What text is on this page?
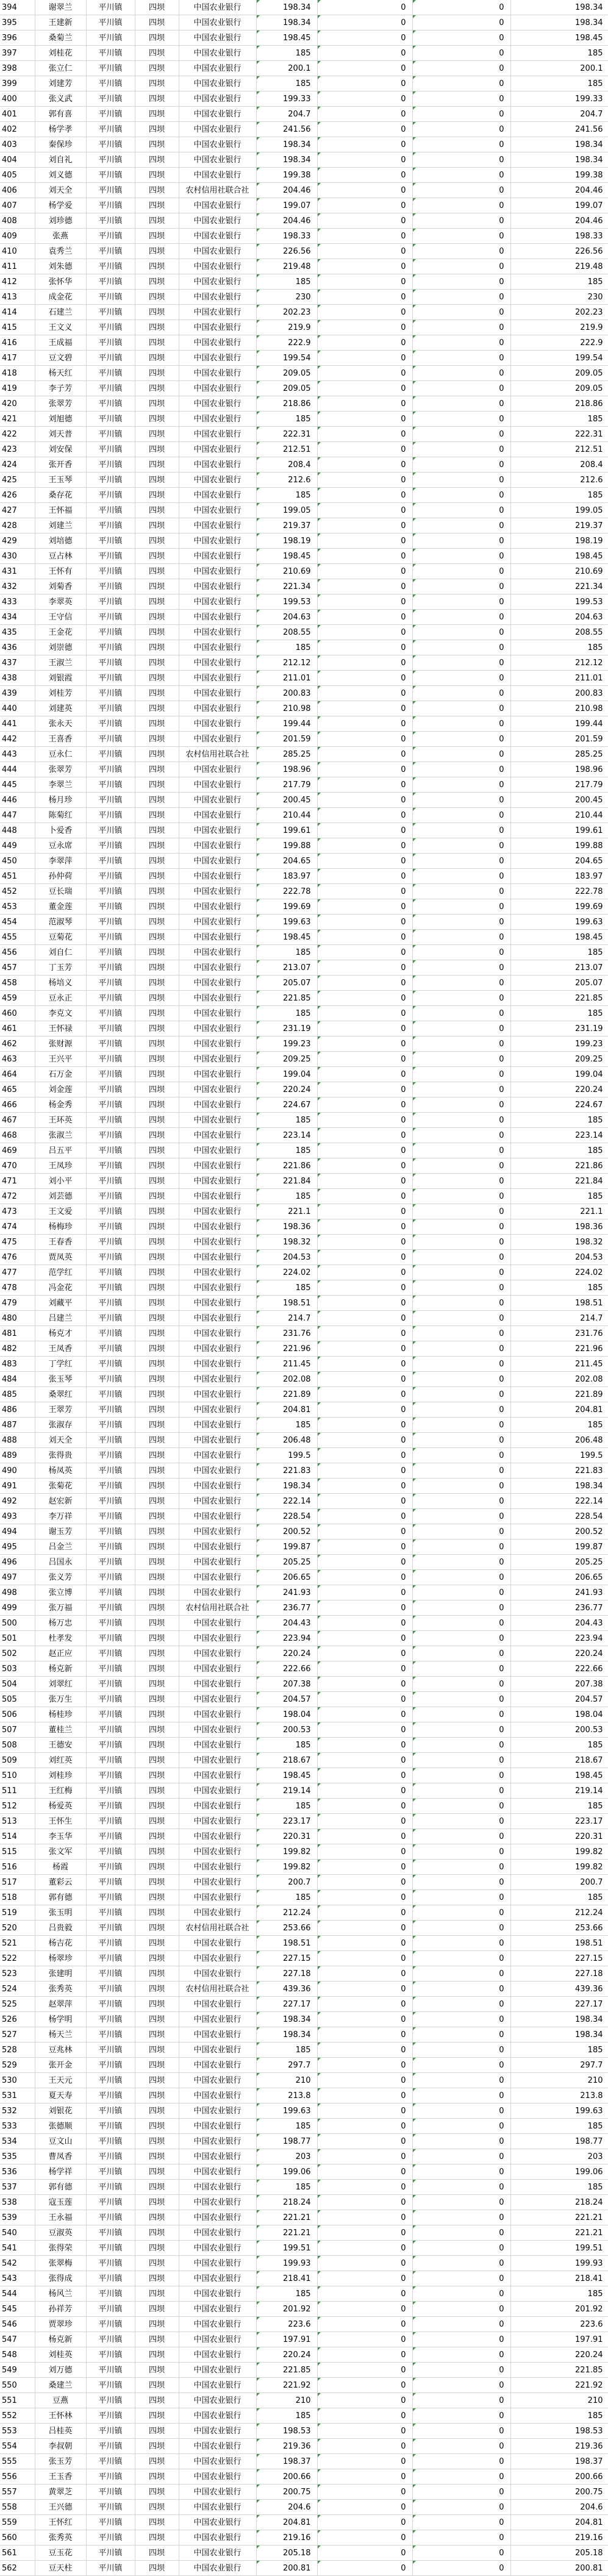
394	谢翠兰	平川镇	四坝	中国农业银行	198.34	0	0	198.34
395	王建新	平川镇	四坝	中国农业银行	198.34	0	0	198.34
396	桑菊兰	平川镇	四坝	中国农业银行	198.45	0	0	198.45
397	刘桂花	平川镇	四坝	中国农业银行	185	0	0	185
398	张立仁	平川镇	四坝	中国农业银行	200.1	0	0	200.1
399	刘建芳	平川镇	四坝	中国农业银行	185	0	0	185
400	张义武	平川镇	四坝	中国农业银行	199.33	0	0	199.33
401	郭有喜	平川镇	四坝	中国农业银行	204.7	0	0	204.7
402	杨学孝	平川镇	四坝	中国农业银行	241.56	0	0	241.56
403	秦保珍	平川镇	四坝	中国农业银行	198.34	0	0	198.34
404	刘自礼	平川镇	四坝	中国农业银行	198.34	0	0	198.34
405	刘义德	平川镇	四坝	中国农业银行	199.38	0	0	199.38
406	刘天全	平川镇	四坝	农村信用社联合社	204.46	0	0	204.46
407	杨学爱	平川镇	四坝	中国农业银行	199.07	0	0	199.07
408	刘珍德	平川镇	四坝	中国农业银行	204.46	0	0	204.46
409	张燕	平川镇	四坝	中国农业银行	198.33	0	0	198.33
410	袁秀兰	平川镇	四坝	中国农业银行	226.56	0	0	226.56
411	刘朱德	平川镇	四坝	中国农业银行	219.48	0	0	219.48
412	张怀华	平川镇	四坝	中国农业银行	185	0	0	185
413	成金花	平川镇	四坝	中国农业银行	230	0	0	230
414	石建兰	平川镇	四坝	中国农业银行	202.23	0	0	202.23
415	王文义	平川镇	四坝	中国农业银行	219.9	0	0	219.9
416	王成福	平川镇	四坝	中国农业银行	222.9	0	0	222.9
417	豆文碧	平川镇	四坝	中国农业银行	199.54	0	0	199.54
418	杨天红	平川镇	四坝	中国农业银行	209.05	0	0	209.05
419	李子芳	平川镇	四坝	中国农业银行	209.05	0	0	209.05
420	张翠芳	平川镇	四坝	中国农业银行	218.86	0	0	218.86
421	刘旭德	平川镇	四坝	中国农业银行	185	0	0	185
422	刘天普	平川镇	四坝	中国农业银行	222.31	0	0	222.31
423	刘安保	平川镇	四坝	中国农业银行	212.51	0	0	212.51
424	张开香	平川镇	四坝	中国农业银行	208.4	0	0	208.4
425	王玉琴	平川镇	四坝	中国农业银行	212.6	0	0	212.6
426	桑存花	平川镇	四坝	中国农业银行	185	0	0	185
427	王怀福	平川镇	四坝	中国农业银行	199.05	0	0	199.05
428	刘建兰	平川镇	四坝	中国农业银行	219.37	0	0	219.37
429	刘培德	平川镇	四坝	中国农业银行	198.19	0	0	198.19
430	豆占林	平川镇	四坝	中国农业银行	198.45	0	0	198.45
431	王怀有	平川镇	四坝	中国农业银行	210.69	0	0	210.69
432	刘菊香	平川镇	四坝	中国农业银行	221.34	0	0	221.34
433	李翠英	平川镇	四坝	中国农业银行	199.53	0	0	199.53
434	王守信	平川镇	四坝	中国农业银行	204.63	0	0	204.63
435	王金花	平川镇	四坝	中国农业银行	208.55	0	0	208.55
436	刘崇德	平川镇	四坝	中国农业银行	185	0	0	185
437	王淑兰	平川镇	四坝	中国农业银行	212.12	0	0	212.12
438	刘银霞	平川镇	四坝	中国农业银行	211.01	0	0	211.01
439	刘桂芳	平川镇	四坝	中国农业银行	200.83	0	0	200.83
440	刘建英	平川镇	四坝	中国农业银行	210.98	0	0	210.98
441	张永天	平川镇	四坝	中国农业银行	199.44	0	0	199.44
442	王喜香	平川镇	四坝	中国农业银行	201.59	0	0	201.59
443	豆永仁	平川镇	四坝	农村信用社联合社	285.25	0	0	285.25
444	张翠芳	平川镇	四坝	中国农业银行	198.96	0	0	198.96
445	李翠兰	平川镇	四坝	中国农业银行	217.79	0	0	217.79
446	杨月珍	平川镇	四坝	中国农业银行	200.45	0	0	200.45
447	陈菊红	平川镇	四坝	中国农业银行	210.44	0	0	210.44
448	卜爱香	平川镇	四坝	中国农业银行	199.61	0	0	199.61
449	豆永席	平川镇	四坝	中国农业银行	199.88	0	0	199.88
450	李翠萍	平川镇	四坝	中国农业银行	204.65	0	0	204.65
451	孙仲荷	平川镇	四坝	中国农业银行	183.97	0	0	183.97
452	豆长瑞	平川镇	四坝	中国农业银行	222.78	0	0	222.78
453	董金莲	平川镇	四坝	中国农业银行	199.69	0	0	199.69
454	范淑琴	平川镇	四坝	中国农业银行	199.63	0	0	199.63
455	豆菊花	平川镇	四坝	中国农业银行	198.45	0	0	198.45
456	刘自仁	平川镇	四坝	中国农业银行	185	0	0	185
457	丁玉芳	平川镇	四坝	中国农业银行	213.07	0	0	213.07
458	杨培义	平川镇	四坝	中国农业银行	205.07	0	0	205.07
459	豆永正	平川镇	四坝	中国农业银行	221.85	0	0	221.85
460	李克文	平川镇	四坝	中国农业银行	185	0	0	185
461	王怀禄	平川镇	四坝	中国农业银行	231.19	0	0	231.19
462	张财源	平川镇	四坝	中国农业银行	199.23	0	0	199.23
463	王兴平	平川镇	四坝	中国农业银行	209.25	0	0	209.25
464	石万金	平川镇	四坝	中国农业银行	199.04	0	0	199.04
465	刘金莲	平川镇	四坝	中国农业银行	220.24	0	0	220.24
466	杨金秀	平川镇	四坝	中国农业银行	224.67	0	0	224.67
467	王环英	平川镇	四坝	中国农业银行	185	0	0	185
468	张淑兰	平川镇	四坝	中国农业银行	223.14	0	0	223.14
469	吕五平	平川镇	四坝	中国农业银行	185	0	0	185
470	王凤珍	平川镇	四坝	中国农业银行	221.86	0	0	221.86
471	刘小平	平川镇	四坝	中国农业银行	221.84	0	0	221.84
472	刘芸德	平川镇	四坝	中国农业银行	185	0	0	185
473	王文爱	平川镇	四坝	中国农业银行	221.1	0	0	221.1
474	杨梅珍	平川镇	四坝	中国农业银行	198.36	0	0	198.36
475	王春香	平川镇	四坝	中国农业银行	198.32	0	0	198.32
476	贾凤英	平川镇	四坝	中国农业银行	204.53	0	0	204.53
477	范学红	平川镇	四坝	中国农业银行	224.02	0	0	224.02
478	冯金花	平川镇	四坝	中国农业银行	185	0	0	185
479	刘藏平	平川镇	四坝	中国农业银行	198.51	0	0	198.51
480	吕建兰	平川镇	四坝	中国农业银行	214.7	0	0	214.7
481	杨克才	平川镇	四坝	中国农业银行	231.76	0	0	231.76
482	王凤香	平川镇	四坝	中国农业银行	221.96	0	0	221.96
483	丁学红	平川镇	四坝	中国农业银行	211.45	0	0	211.45
484	张玉琴	平川镇	四坝	中国农业银行	202.08	0	0	202.08
485	桑翠红	平川镇	四坝	中国农业银行	221.89	0	0	221.89
486	王翠芳	平川镇	四坝	中国农业银行	204.81	0	0	204.81
487	张淑存	平川镇	四坝	中国农业银行	185	0	0	185
488	刘天全	平川镇	四坝	中国农业银行	206.48	0	0	206.48
489	张得贵	平川镇	四坝	中国农业银行	199.5	0	0	199.5
490	杨凤英	平川镇	四坝	中国农业银行	221.83	0	0	221.83
491	张菊花	平川镇	四坝	中国农业银行	198.34	0	0	198.34
492	赵宏新	平川镇	四坝	中国农业银行	222.14	0	0	222.14
493	李万祥	平川镇	四坝	中国农业银行	228.54	0	0	228.54
494	谢玉芳	平川镇	四坝	中国农业银行	200.52	0	0	200.52
495	吕金兰	平川镇	四坝	中国农业银行	199.87	0	0	199.87
496	吕国永	平川镇	四坝	中国农业银行	205.25	0	0	205.25
497	张义芳	平川镇	四坝	中国农业银行	206.65	0	0	206.65
498	张立博	平川镇	四坝	中国农业银行	241.93	0	0	241.93
499	张万福	平川镇	四坝	农村信用社联合社	236.77	0	0	236.77
500	杨万忠	平川镇	四坝	中国农业银行	204.43	0	0	204.43
501	杜孝发	平川镇	四坝	中国农业银行	223.94	0	0	223.94
502	赵正应	平川镇	四坝	中国农业银行	220.24	0	0	220.24
503	杨克新	平川镇	四坝	中国农业银行	222.66	0	0	222.66
504	刘翠红	平川镇	四坝	中国农业银行	207.38	0	0	207.38
505	张万生	平川镇	四坝	中国农业银行	204.57	0	0	204.57
506	杨桂珍	平川镇	四坝	中国农业银行	198.04	0	0	198.04
507	董桂兰	平川镇	四坝	中国农业银行	200.53	0	0	200.53
508	王德安	平川镇	四坝	中国农业银行	185	0	0	185
509	刘红英	平川镇	四坝	中国农业银行	218.67	0	0	218.67
510	刘桂珍	平川镇	四坝	中国农业银行	198.45	0	0	198.45
511	王红梅	平川镇	四坝	中国农业银行	219.14	0	0	219.14
512	杨爱英	平川镇	四坝	中国农业银行	185	0	0	185
513	王怀生	平川镇	四坝	中国农业银行	223.17	0	0	223.17
514	李玉华	平川镇	四坝	中国农业银行	220.31	0	0	220.31
515	张文军	平川镇	四坝	中国农业银行	199.82	0	0	199.82
516	杨霞	平川镇	四坝	中国农业银行	199.82	0	0	199.82
517	董彩云	平川镇	四坝	中国农业银行	200.7	0	0	200.7
518	郭有德	平川镇	四坝	中国农业银行	185	0	0	185
519	张玉明	平川镇	四坝	中国农业银行	212.24	0	0	212.24
520	吕贵毅	平川镇	四坝	农村信用社联合社	253.66	0	0	253.66
521	杨吉花	平川镇	四坝	中国农业银行	198.51	0	0	198.51
522	杨翠珍	平川镇	四坝	中国农业银行	227.15	0	0	227.15
523	张建明	平川镇	四坝	中国农业银行	227.18	0	0	227.18
524	张秀英	平川镇	四坝	农村信用社联合社	439.36	0	0	439.36
525	赵翠萍	平川镇	四坝	中国农业银行	227.17	0	0	227.17
526	杨学明	平川镇	四坝	中国农业银行	198.34	0	0	198.34
527	杨天兰	平川镇	四坝	中国农业银行	198.34	0	0	198.34
528	豆兆林	平川镇	四坝	中国农业银行	185	0	0	185
529	张开金	平川镇	四坝	中国农业银行	297.7	0	0	297.7
530	王天元	平川镇	四坝	中国农业银行	210	0	0	210
531	夏天寿	平川镇	四坝	中国农业银行	213.8	0	0	213.8
532	刘银花	平川镇	四坝	中国农业银行	199.63	0	0	199.63
533	张德顺	平川镇	四坝	中国农业银行	185	0	0	185
534	豆文山	平川镇	四坝	中国农业银行	198.77	0	0	198.77
535	曹凤香	平川镇	四坝	中国农业银行	203	0	0	203
536	杨学祥	平川镇	四坝	中国农业银行	199.06	0	0	199.06
537	郭有德	平川镇	四坝	中国农业银行	185	0	0	185
538	寇玉莲	平川镇	四坝	中国农业银行	218.24	0	0	218.24
539	王永福	平川镇	四坝	中国农业银行	221.21	0	0	221.21
540	豆淑英	平川镇	四坝	中国农业银行	221.21	0	0	221.21
541	张得荣	平川镇	四坝	中国农业银行	199.51	0	0	199.51
542	张翠梅	平川镇	四坝	中国农业银行	199.93	0	0	199.93
543	张得成	平川镇	四坝	中国农业银行	218.41	0	0	218.41
544	杨风兰	平川镇	四坝	中国农业银行	185	0	0	185
545	孙祥芳	平川镇	四坝	中国农业银行	201.92	0	0	201.92
546	贾翠珍	平川镇	四坝	中国农业银行	223.6	0	0	223.6
547	杨克新	平川镇	四坝	中国农业银行	197.91	0	0	197.91
548	刘桂英	平川镇	四坝	中国农业银行	220.24	0	0	220.24
549	刘万德	平川镇	四坝	中国农业银行	221.85	0	0	221.85
550	桑建兰	平川镇	四坝	中国农业银行	221.92	0	0	221.92
551	豆燕	平川镇	四坝	中国农业银行	210	0	0	210
552	王怀林	平川镇	四坝	中国农业银行	185	0	0	185
553	吕桂英	平川镇	四坝	中国农业银行	198.53	0	0	198.53
554	李叔朝	平川镇	四坝	中国农业银行	219.36	0	0	219.36
555	张玉芳	平川镇	四坝	中国农业银行	198.37	0	0	198.37
556	王玉香	平川镇	四坝	中国农业银行	200.66	0	0	200.66
557	黄翠芝	平川镇	四坝	中国农业银行	200.75	0	0	200.75
558	王兴德	平川镇	四坝	中国农业银行	204.6	0	0	204.6
559	王怀红	平川镇	四坝	中国农业银行	204.81	0	0	204.81
560	张秀英	平川镇	四坝	中国农业银行	219.16	0	0	219.16
561	豆玉花	平川镇	四坝	中国农业银行	205.18	0	0	205.18
562	豆天柱	平川镇	四坝	中国农业银行	200.81	0	0	200.81
